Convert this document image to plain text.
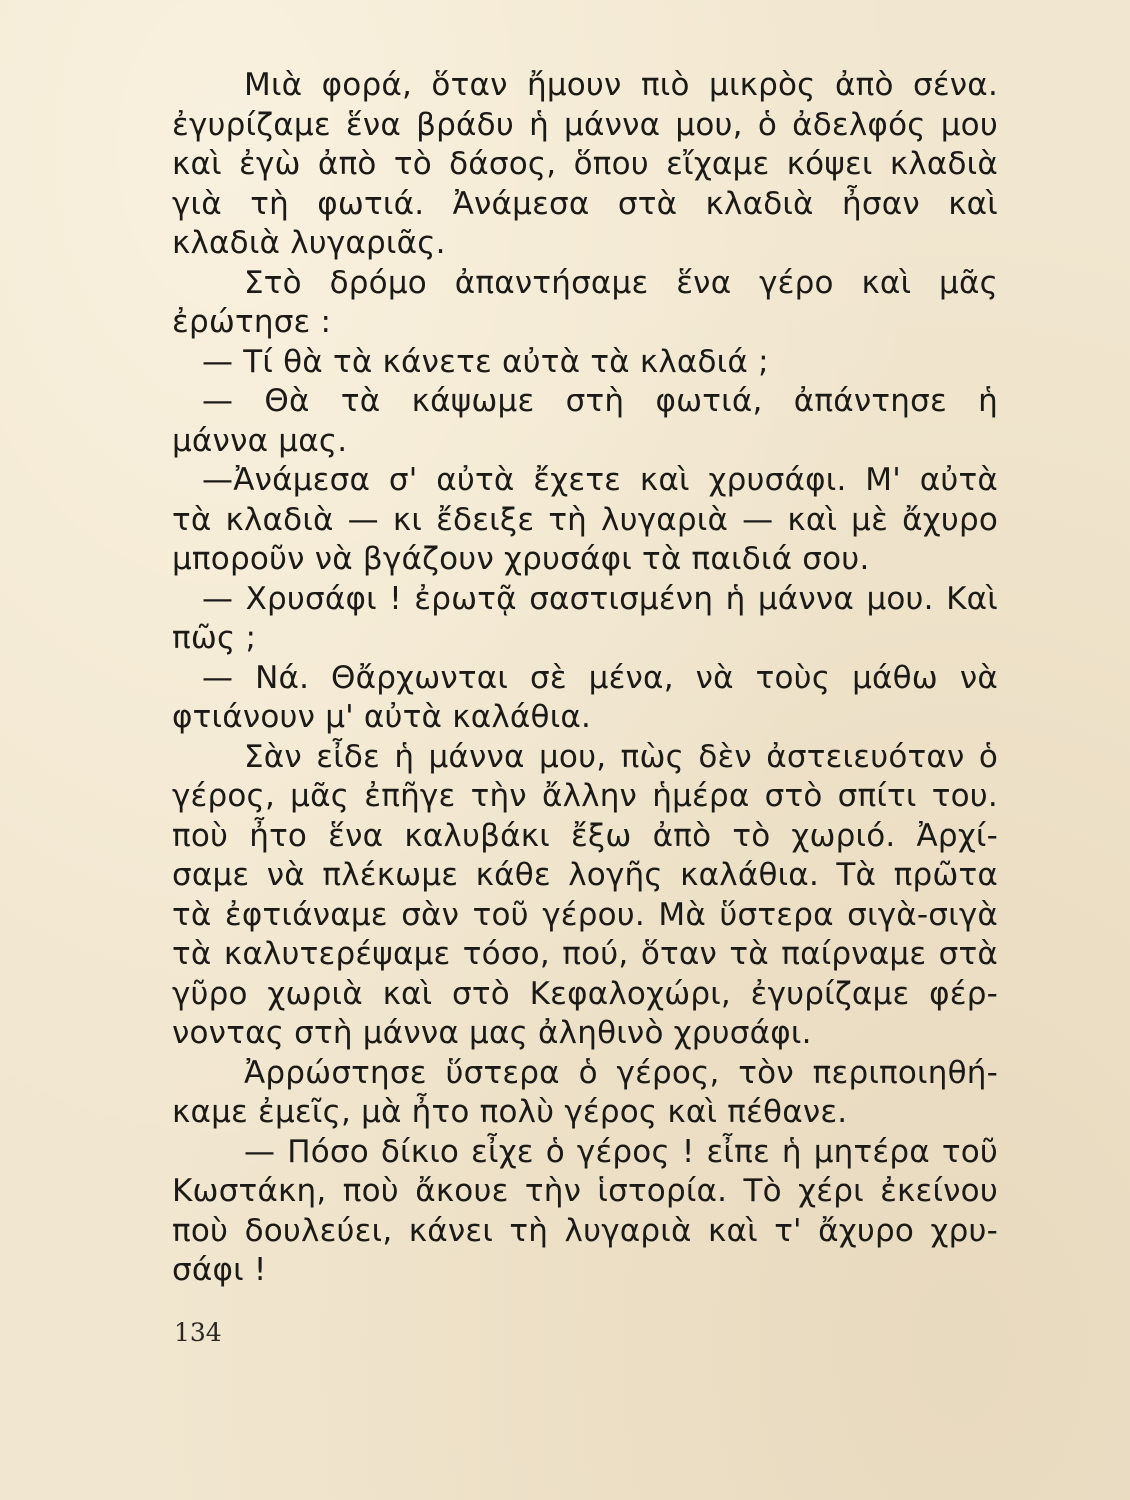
Μιὰ φορά, ὅταν ἤμουν πιὸ μικρὸς ἀπὸ σένα.
ἐγυρίζαμε ἕνα βράδυ ἡ μάννα μου, ὁ ἀδελφός μου
καὶ ἐγὼ ἀπὸ τὸ δάσος, ὅπου εἴχαμε κόψει κλαδιὰ
γιὰ τὴ φωτιά. Ἀνάμεσα στὰ κλαδιὰ ἦσαν καὶ
κλαδιὰ λυγαριᾶς.
Στὸ δρόμο ἀπαντήσαμε ἕνα γέρο καὶ μᾶς
ἐρώτησε :
— Τί θὰ τὰ κάνετε αὐτὰ τὰ κλαδιά ;
— Θὰ τὰ κάψωμε στὴ φωτιά, ἀπάντησε ἡ
μάννα μας.
—Ἀνάμεσα σ' αὐτὰ ἔχετε καὶ χρυσάφι. Μ' αὐτὰ
τὰ κλαδιὰ — κι ἔδειξε τὴ λυγαριὰ — καὶ μὲ ἄχυρο
μποροῦν νὰ βγάζουν χρυσάφι τὰ παιδιά σου.
— Χρυσάφι ! ἐρωτᾷ σαστισμένη ἡ μάννα μου. Καὶ
πῶς ;
— Νά. Θἄρχωνται σὲ μένα, νὰ τοὺς μάθω νὰ
φτιάνουν μ' αὐτὰ καλάθια.
Σὰν εἶδε ἡ μάννα μου, πὼς δὲν ἀστειευόταν ὁ
γέρος, μᾶς ἐπῆγε τὴν ἄλλην ἡμέρα στὸ σπίτι του.
ποὺ ἦτο ἕνα καλυβάκι ἔξω ἀπὸ τὸ χωριό. Ἀρχί-
σαμε νὰ πλέκωμε κάθε λογῆς καλάθια. Τὰ πρῶτα
τὰ ἐφτιάναμε σὰν τοῦ γέρου. Μὰ ὕστερα σιγὰ-σιγὰ
τὰ καλυτερέψαμε τόσο, πού, ὅταν τὰ παίρναμε στὰ
γῦρο χωριὰ καὶ στὸ Κεφαλοχώρι, ἐγυρίζαμε φέρ-
νοντας στὴ μάννα μας ἀληθινὸ χρυσάφι.
Ἀρρώστησε ὕστερα ὁ γέρος, τὸν περιποιηθή-
καμε ἐμεῖς, μὰ ἦτο πολὺ γέρος καὶ πέθανε.
— Πόσο δίκιο εἶχε ὁ γέρος ! εἶπε ἡ μητέρα τοῦ
Κωστάκη, ποὺ ἄκουε τὴν ἱστορία. Τὸ χέρι ἐκείνου
ποὺ δουλεύει, κάνει τὴ λυγαριὰ καὶ τ' ἄχυρο χρυ-
σάφι !
134
